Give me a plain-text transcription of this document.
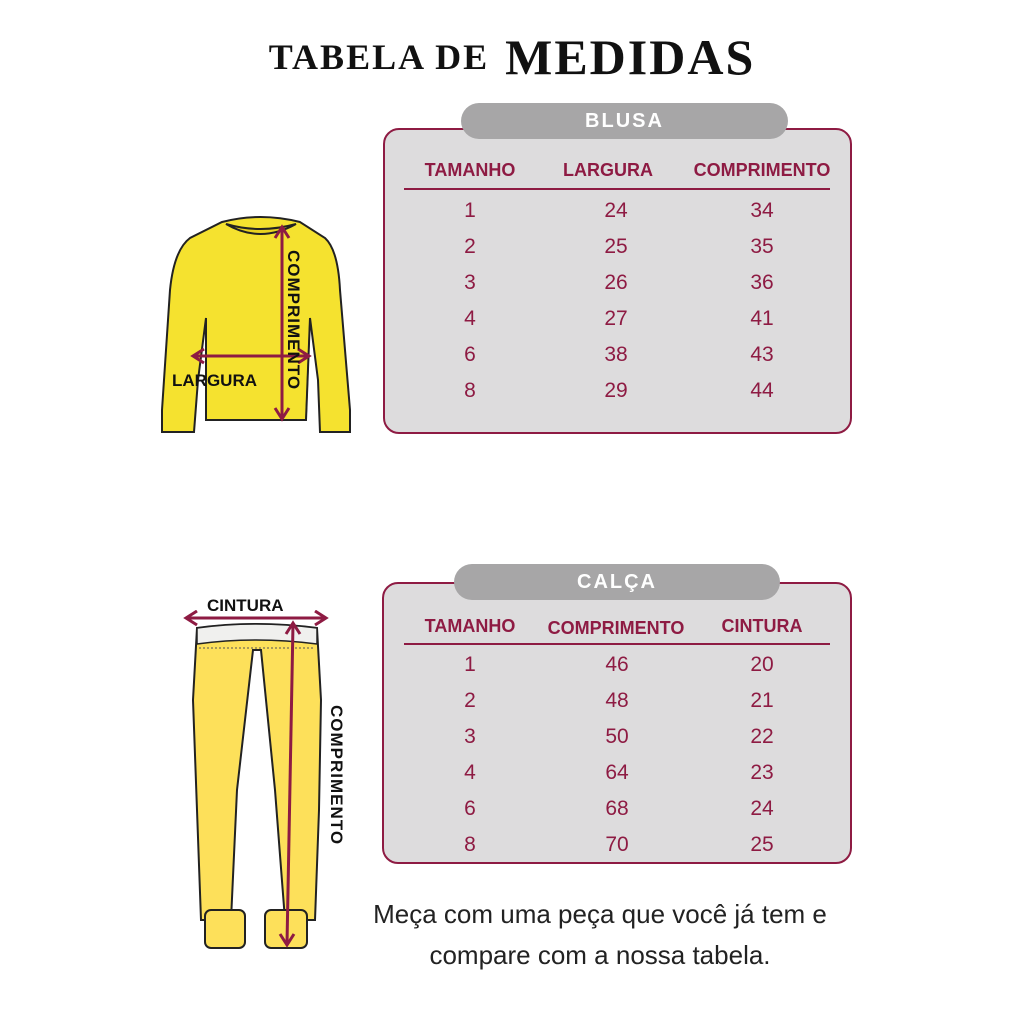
TABELA DE MEDIDAS
BLUSA
TAMANHO	LARGURA	COMPRIMENTO
1	24	34
2	25	35
3	26	36
4	27	41
6	38	43
8	29	44
LARGURA COMPRIMENTO
CALÇA
TAMANHO	COMPRIMENTO	CINTURA
1	46	20
2	48	21
3	50	22
4	64	23
6	68	24
8	70	25
CINTURA
COMPRIMENTO
Meça com uma peça que você já tem e
compare com a nossa tabela.
